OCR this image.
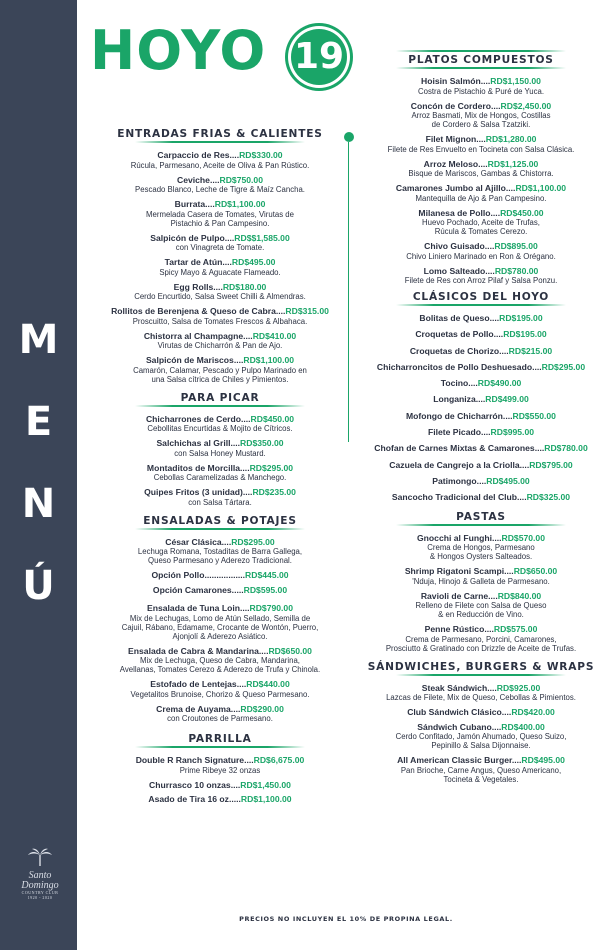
M
E
N
Ú
Santo Domingo
COUNTRY CLUB
1920 - 2020
HOYO 19
ENTRADAS FRIAS & CALIENTES
Carpaccio de Res....RD$330.00
Rúcula, Parmesano, Aceite de Oliva & Pan Rústico.
Ceviche....RD$750.00
Pescado Blanco, Leche de Tigre & Maíz Cancha.
Burrata....RD$1,100.00
Mermelada Casera de Tomates, Virutas de
Pistachio & Pan Campesino.
Salpicón de Pulpo....RD$$1,585.00
con Vinagreta de Tomate.
Tartar de Atún....RD$495.00
Spicy Mayo & Aguacate Flameado.
Egg Rolls....RD$180.00
Cerdo Encurtido, Salsa Sweet Chilli & Almendras.
Rollitos de Berenjena & Queso de Cabra....RD$315.00
Proscuitto, Salsa de Tomates Frescos & Albahaca.
Chistorra al Champagne....RD$410.00
Virutas de Chicharrón & Pan de Ajo.
Salpicón de Mariscos....RD$1,100.00
Camarón, Calamar, Pescado y Pulpo Marinado en
una Salsa cítrica de Chiles y Pimientos.
PARA PICAR
Chicharrones de Cerdo....RD$450.00
Cebollitas Encurtidas & Mojito de Cítricos.
Salchichas al Grill....RD$350.00
con Salsa Honey Mustard.
Montaditos de Morcilla....RD$295.00
Cebollas Caramelizadas & Manchego.
Quipes Fritos (3 unidad)....RD$235.00
con Salsa Tártara.
ENSALADAS & POTAJES
César Clásica....RD$295.00
Lechuga Romana, Tostaditas de Barra Gallega,
Queso Parmesano y Aderezo Tradicional.
Opción Pollo.................RD$445.00
Opción Camarones.....RD$595.00
Ensalada de Tuna Loin....RD$790.00
Mix de Lechugas, Lomo de Atún Sellado, Semilla de
Cajuil, Rábano, Edamame, Crocante de Wontón, Puerro,
Ajonjolí & Aderezo Asiático.
Ensalada de Cabra & Mandarina....RD$650.00
Mix de Lechuga, Queso de Cabra, Mandarina,
Avellanas, Tomates Cerezo & Aderezo de Trufa y Chinola.
Estofado de Lentejas....RD$440.00
Vegetalitos Brunoise, Chorizo & Queso Parmesano.
Crema de Auyama....RD$290.00
con Croutones de Parmesano.
PARRILLA
Double R Ranch Signature....RD$6,675.00
Prime Ribeye 32 onzas
Churrasco 10 onzas....RD$1,450.00
Asado de Tira 16 oz.....RD$1,100.00
PLATOS COMPUESTOS
Hoisin Salmón....RD$1,150.00
Costra de Pistachio & Puré de Yuca.
Concón de Cordero....RD$2,450.00
Arroz Basmati, Mix de Hongos, Costillas
de Cordero & Salsa Tzatziki.
Filet Mignon....RD$1,280.00
Filete de Res Envuelto en Tocineta con Salsa Clásica.
Arroz Meloso....RD$1,125.00
Bisque de Mariscos, Gambas & Chistorra.
Camarones Jumbo al Ajillo....RD$1,100.00
Mantequilla de Ajo & Pan Campesino.
Milanesa de Pollo....RD$450.00
Huevo Pochado, Aceite de Trufas,
Rúcula & Tomates Cerezo.
Chivo Guisado....RD$895.00
Chivo Liniero Marinado en Ron & Orégano.
Lomo Salteado....RD$780.00
Filete de Res con Arroz Pilaf y Salsa Ponzu.
CLÁSICOS DEL HOYO
Bolitas de Queso....RD$195.00
Croquetas de Pollo....RD$195.00
Croquetas de Chorizo....RD$215.00
Chicharroncitos de Pollo Deshuesado....RD$295.00
Tocino....RD$490.00
Longaniza....RD$499.00
Mofongo de Chicharrón....RD$550.00
Filete Picado....RD$995.00
Chofan de Carnes Mixtas & Camarones....RD$780.00
Cazuela de Cangrejo a la Criolla....RD$795.00
Patimongo....RD$495.00
Sancocho Tradicional del Club....RD$325.00
PASTAS
Gnocchi al Funghi....RD$570.00
Crema de Hongos, Parmesano
& Hongos Oysters Salteados.
Shrimp Rigatoni Scampi....RD$650.00
'Nduja, Hinojo & Galleta de Parmesano.
Ravioli de Carne....RD$840.00
Relleno de Filete con Salsa de Queso
& en Reducción de Vino.
Penne Rústico....RD$575.00
Crema de Parmesano, Porcini, Camarones,
Prosciutto & Gratinado con Drizzle de Aceite de Trufas.
SÁNDWICHES, BURGERS & WRAPS
Steak Sándwich....RD$925.00
Lazcas de Filete, Mix de Queso, Cebollas & Pimientos.
Club Sándwich Clásico....RD$420.00
Sándwich Cubano....RD$400.00
Cerdo Confitado, Jamón Ahumado, Queso Suizo,
Pepinillo & Salsa Dijonnaise.
All American Classic Burger....RD$495.00
Pan Brioche, Carne Angus, Queso Americano,
Tocineta & Vegetales.
PRECIOS NO INCLUYEN EL 10% DE PROPINA LEGAL.
